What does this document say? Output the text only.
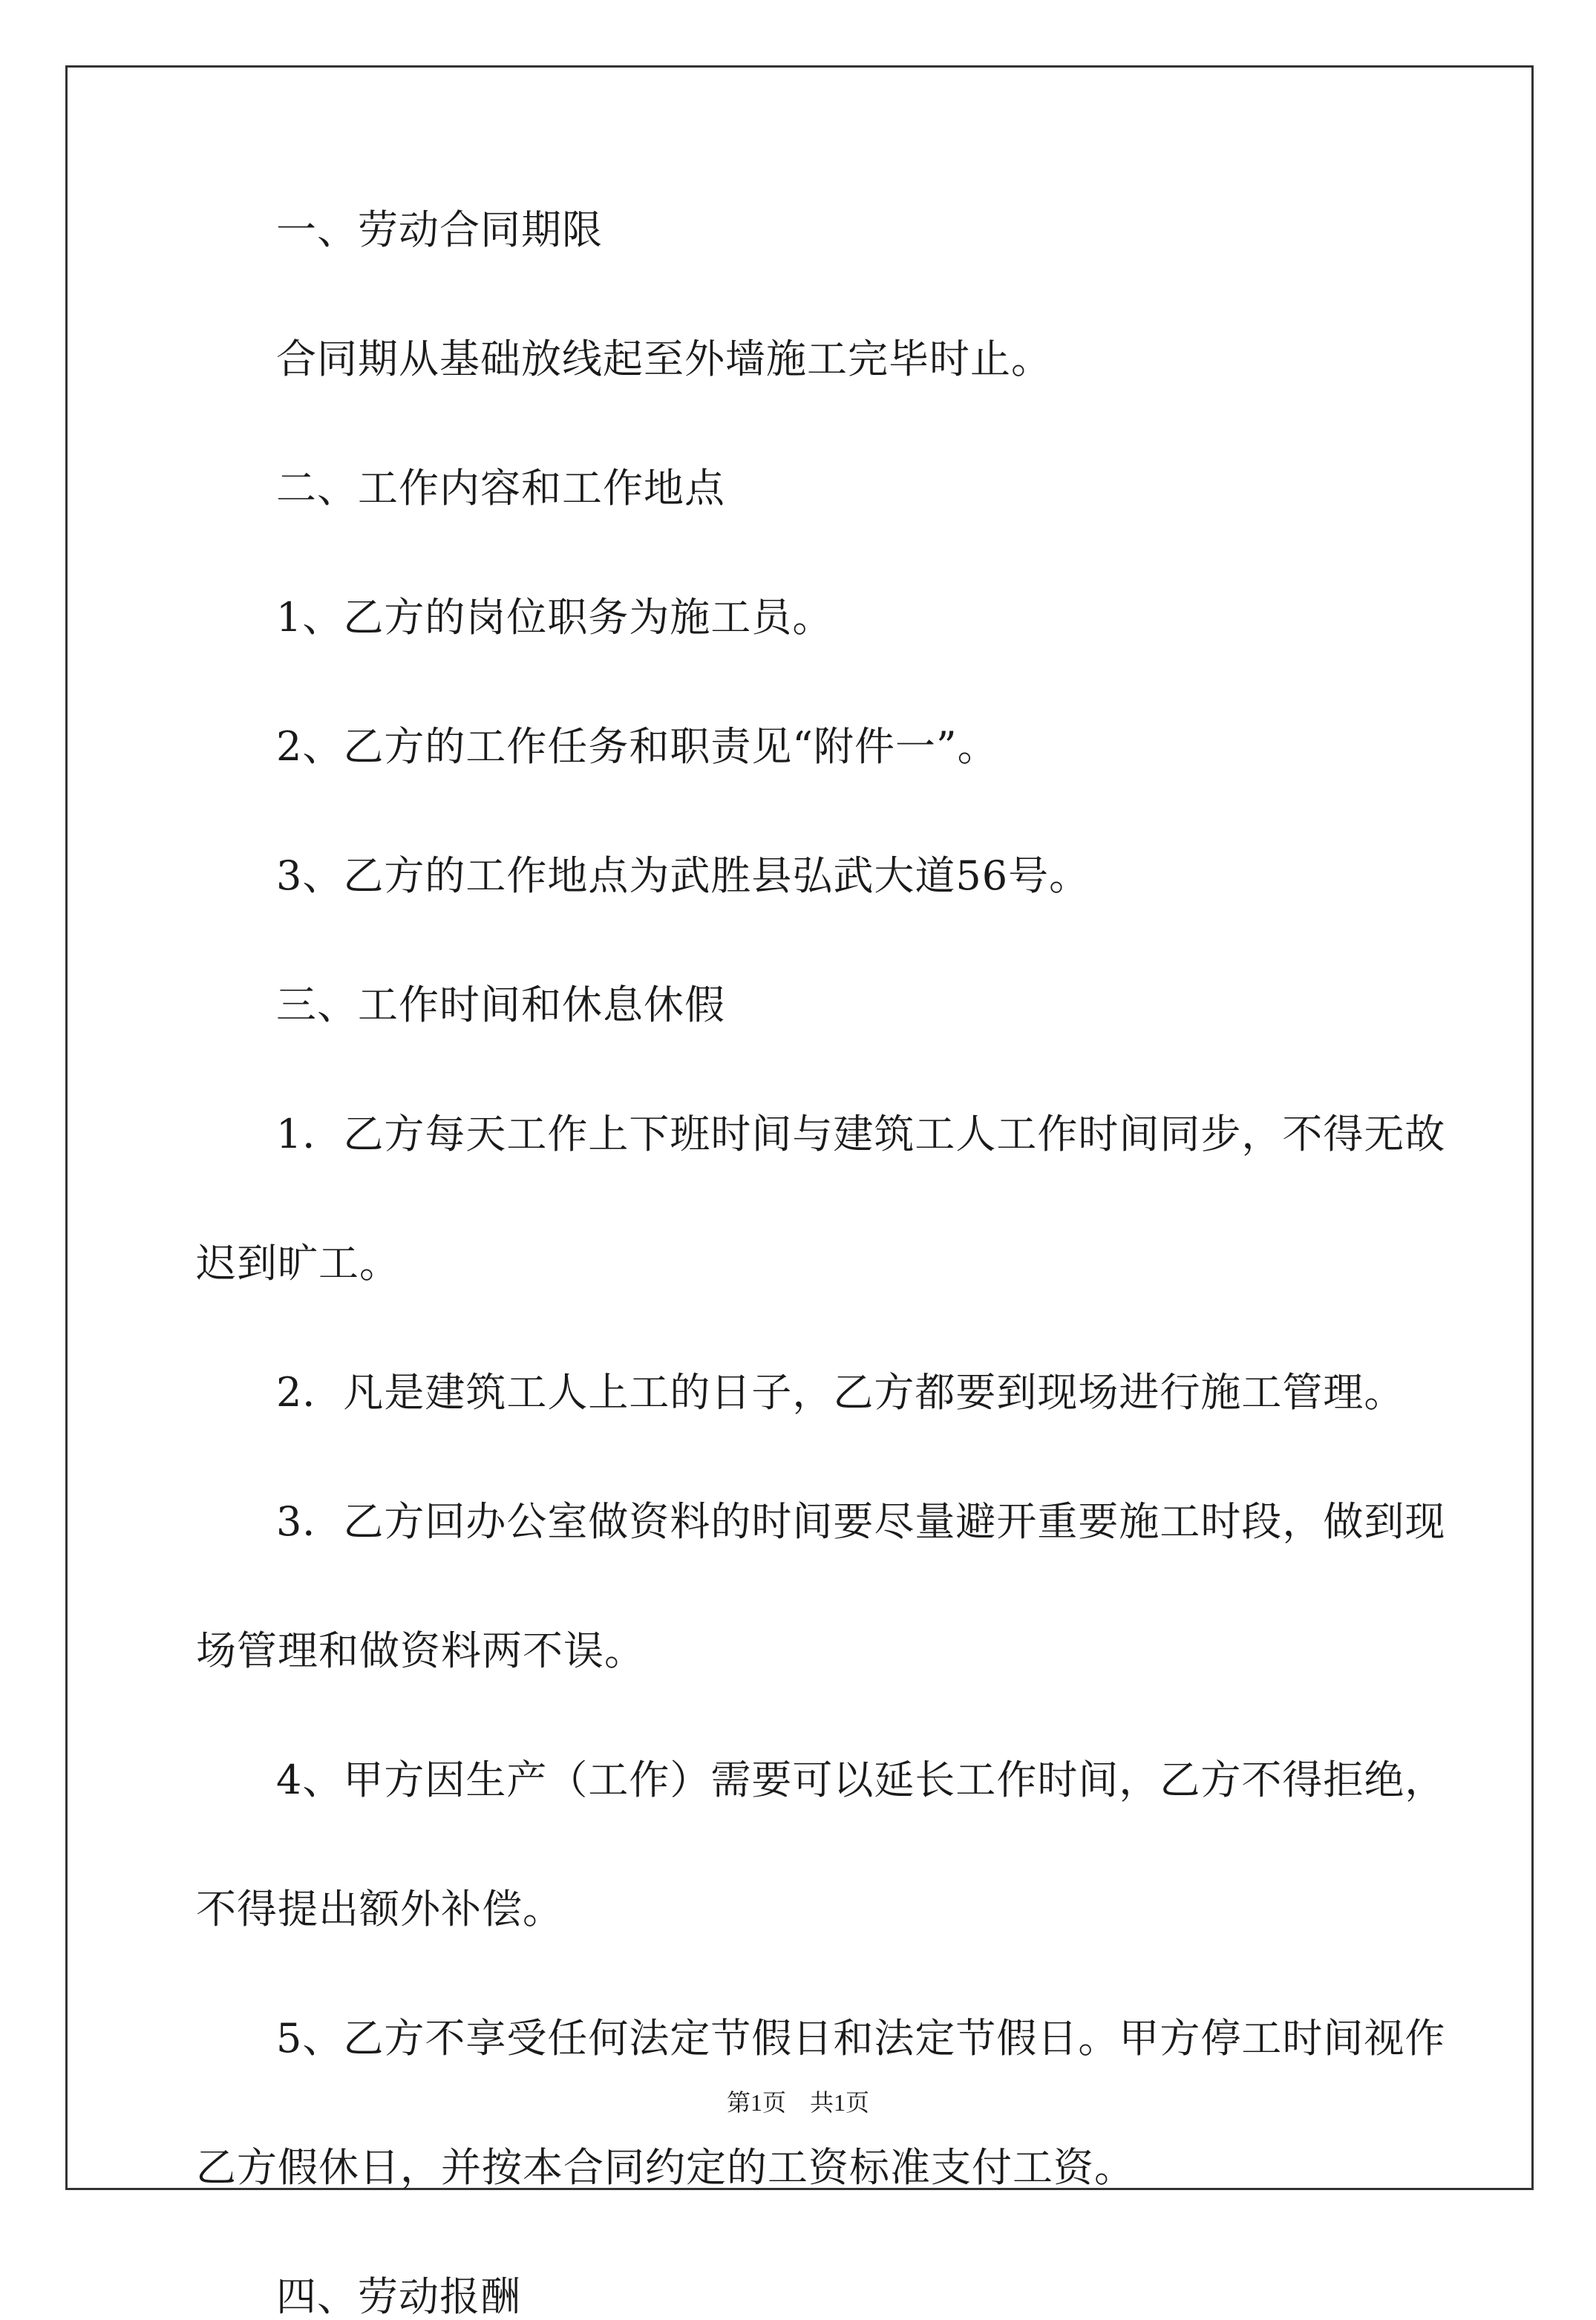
一、劳动合同期限
合同期从基础放线起至外墙施工完毕时止。
二、工作内容和工作地点
1、乙方的岗位职务为施工员。
2、乙方的工作任务和职责见“附件一”。
3、乙方的工作地点为武胜县弘武大道56号。
三、工作时间和休息休假
1．乙方每天工作上下班时间与建筑工人工作时间同步，不得无故
迟到旷工。
2．凡是建筑工人上工的日子，乙方都要到现场进行施工管理。
3．乙方回办公室做资料的时间要尽量避开重要施工时段，做到现
场管理和做资料两不误。
4、甲方因生产（工作）需要可以延长工作时间，乙方不得拒绝，
不得提出额外补偿。
5、乙方不享受任何法定节假日和法定节假日。甲方停工时间视作
乙方假休日，并按本合同约定的工资标准支付工资。
四、劳动报酬
第1页　共1页
